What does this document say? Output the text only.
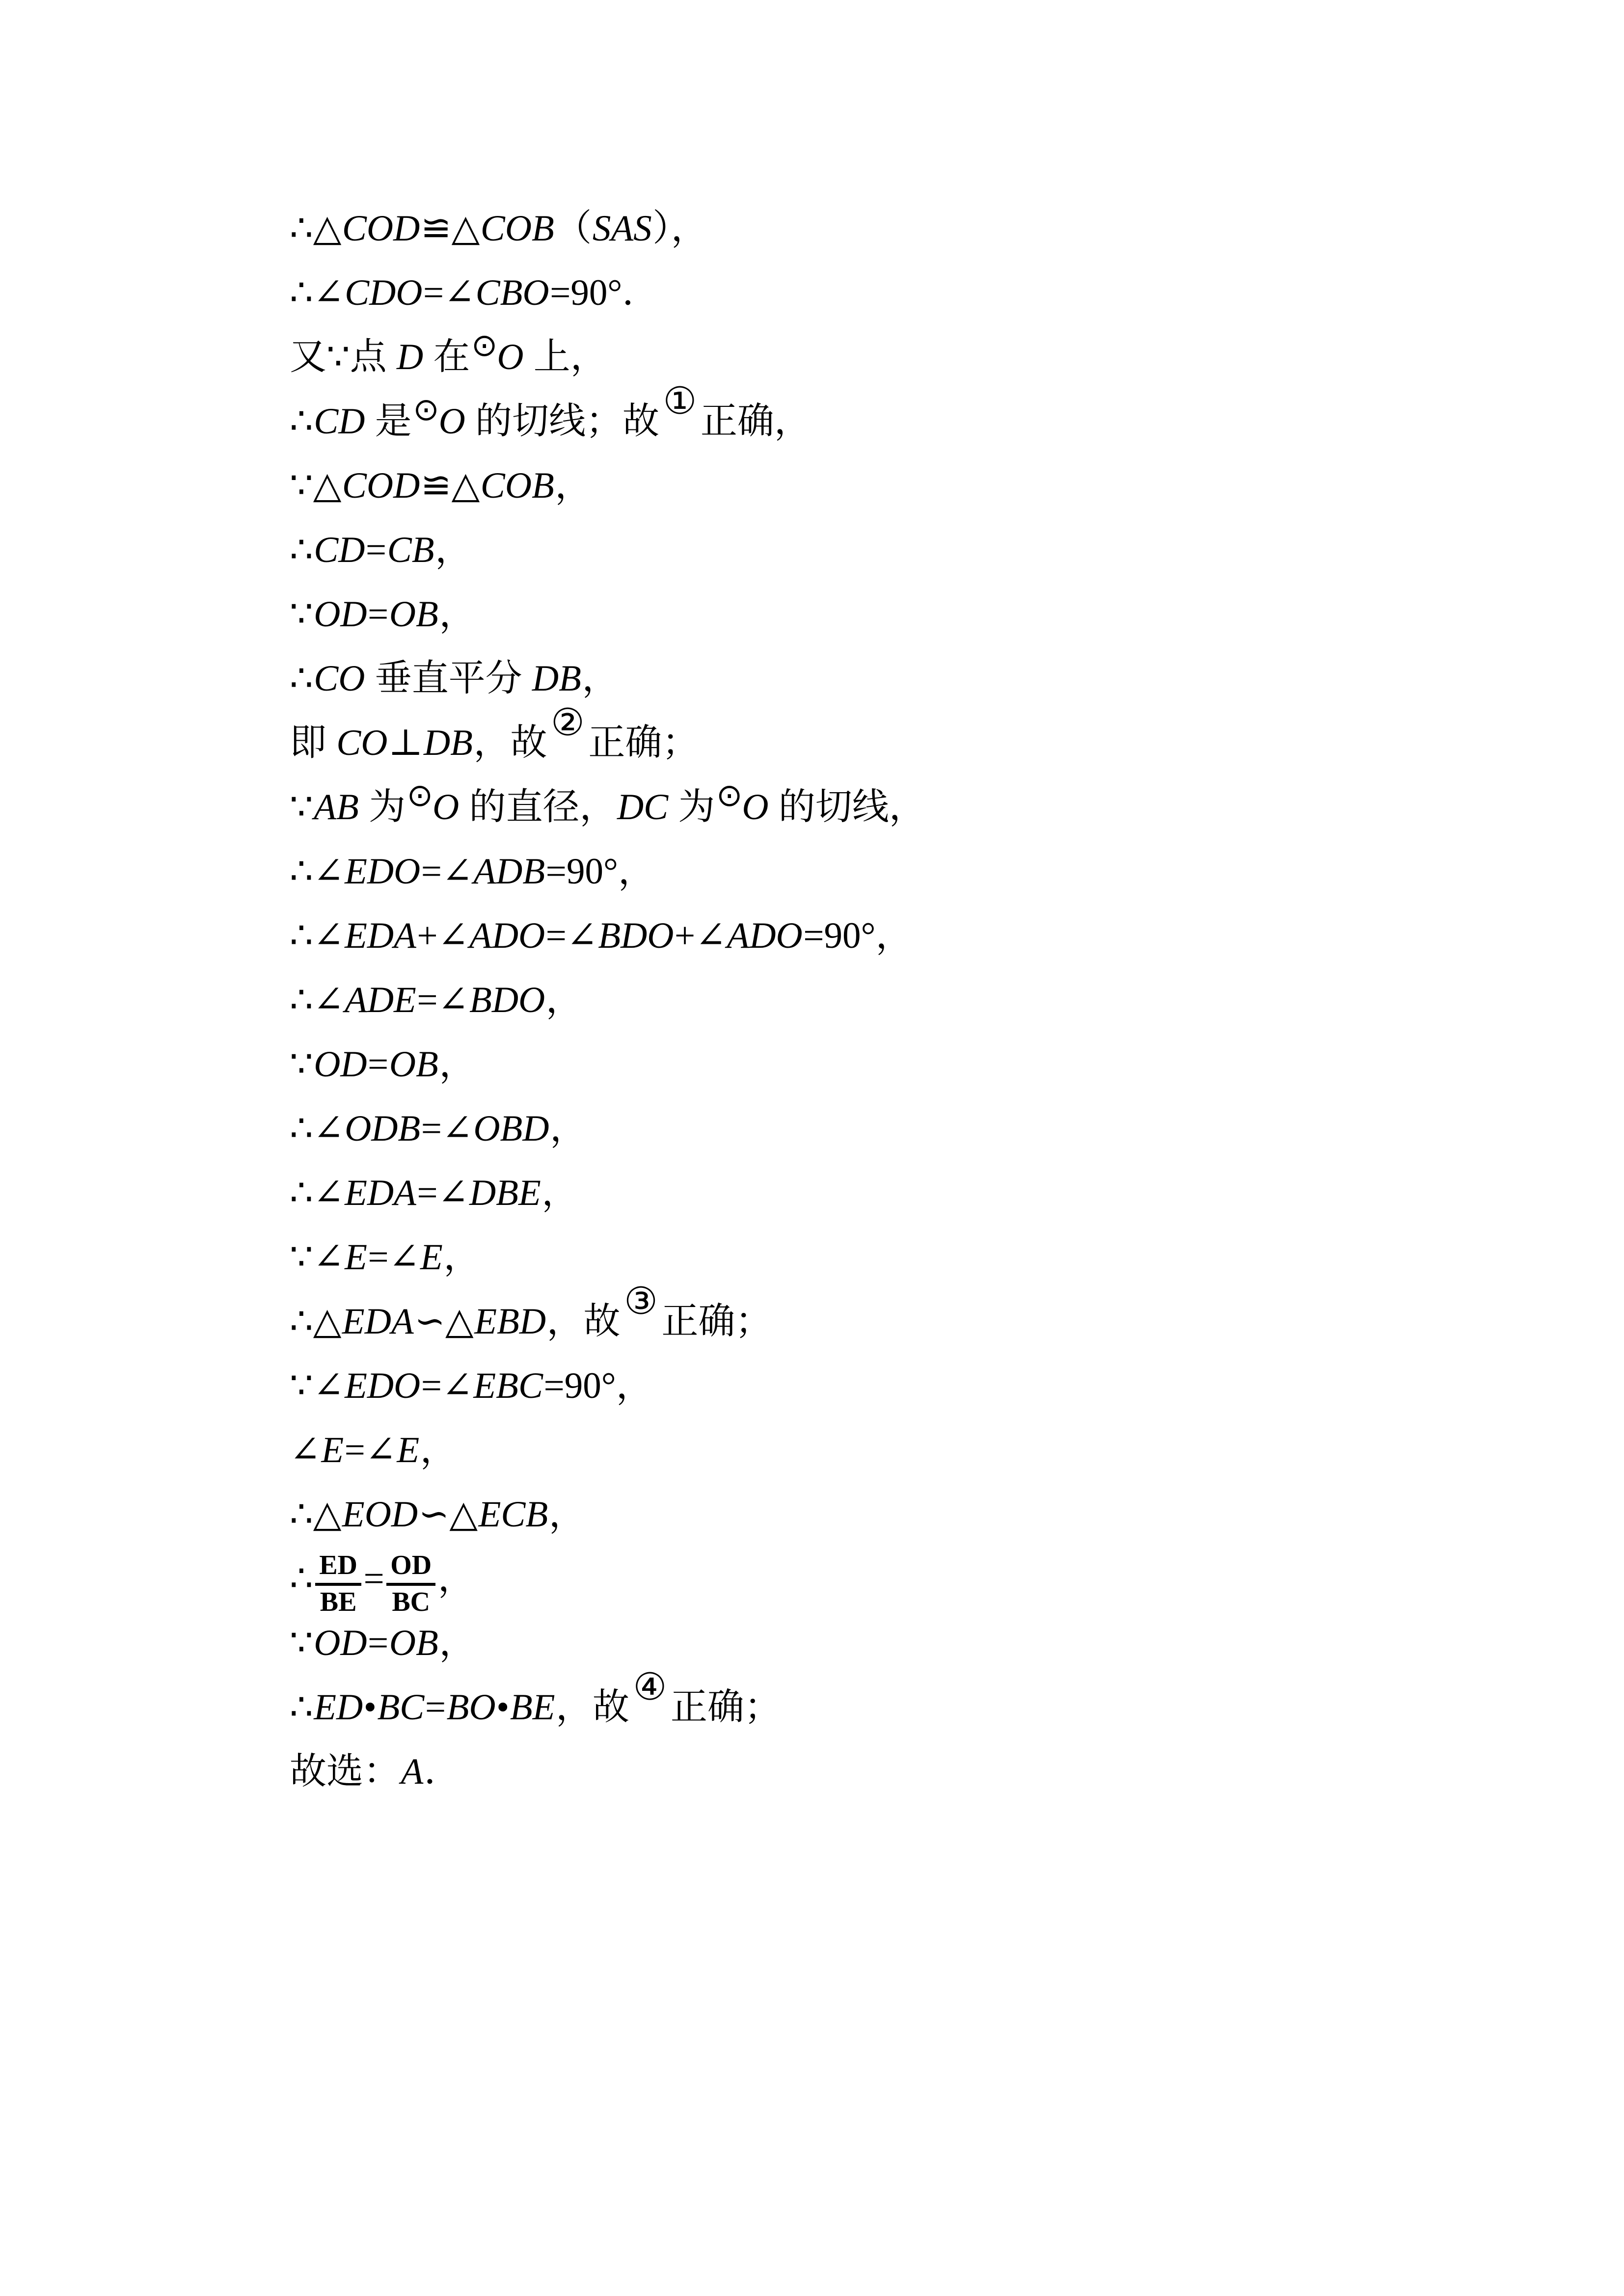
∴△COD≌△COB（SAS），

∴∠CDO=∠CBO=90°．

又∵点 D 在⊙O 上，

∴CD 是⊙O 的切线；故① 正确，

∵△COD≌△COB，

∴CD=CB，

∵OD=OB，

∴CO 垂直平分 DB，

即 CO⊥DB，故② 正确；

∵AB 为⊙O 的直径，DC 为⊙O 的切线，

∴∠EDO=∠ADB=90°，

∴∠EDA+∠ADO=∠BDO+∠ADO=90°，

∴∠ADE=∠BDO，

∵OD=OB，

∴∠ODB=∠OBD，

∴∠EDA=∠DBE，

∵∠E=∠E，

∴△EDA∽△EBD，故③ 正确；

∵∠EDO=∠EBC=90°，

∠E=∠E，

∴△EOD∽△ECB，

∴ $\frac{ED}{BE} = \frac{OD}{BC}$ ，

∵OD=OB，

∴ED•BC=BO•BE，故④ 正确；

故选：A．
